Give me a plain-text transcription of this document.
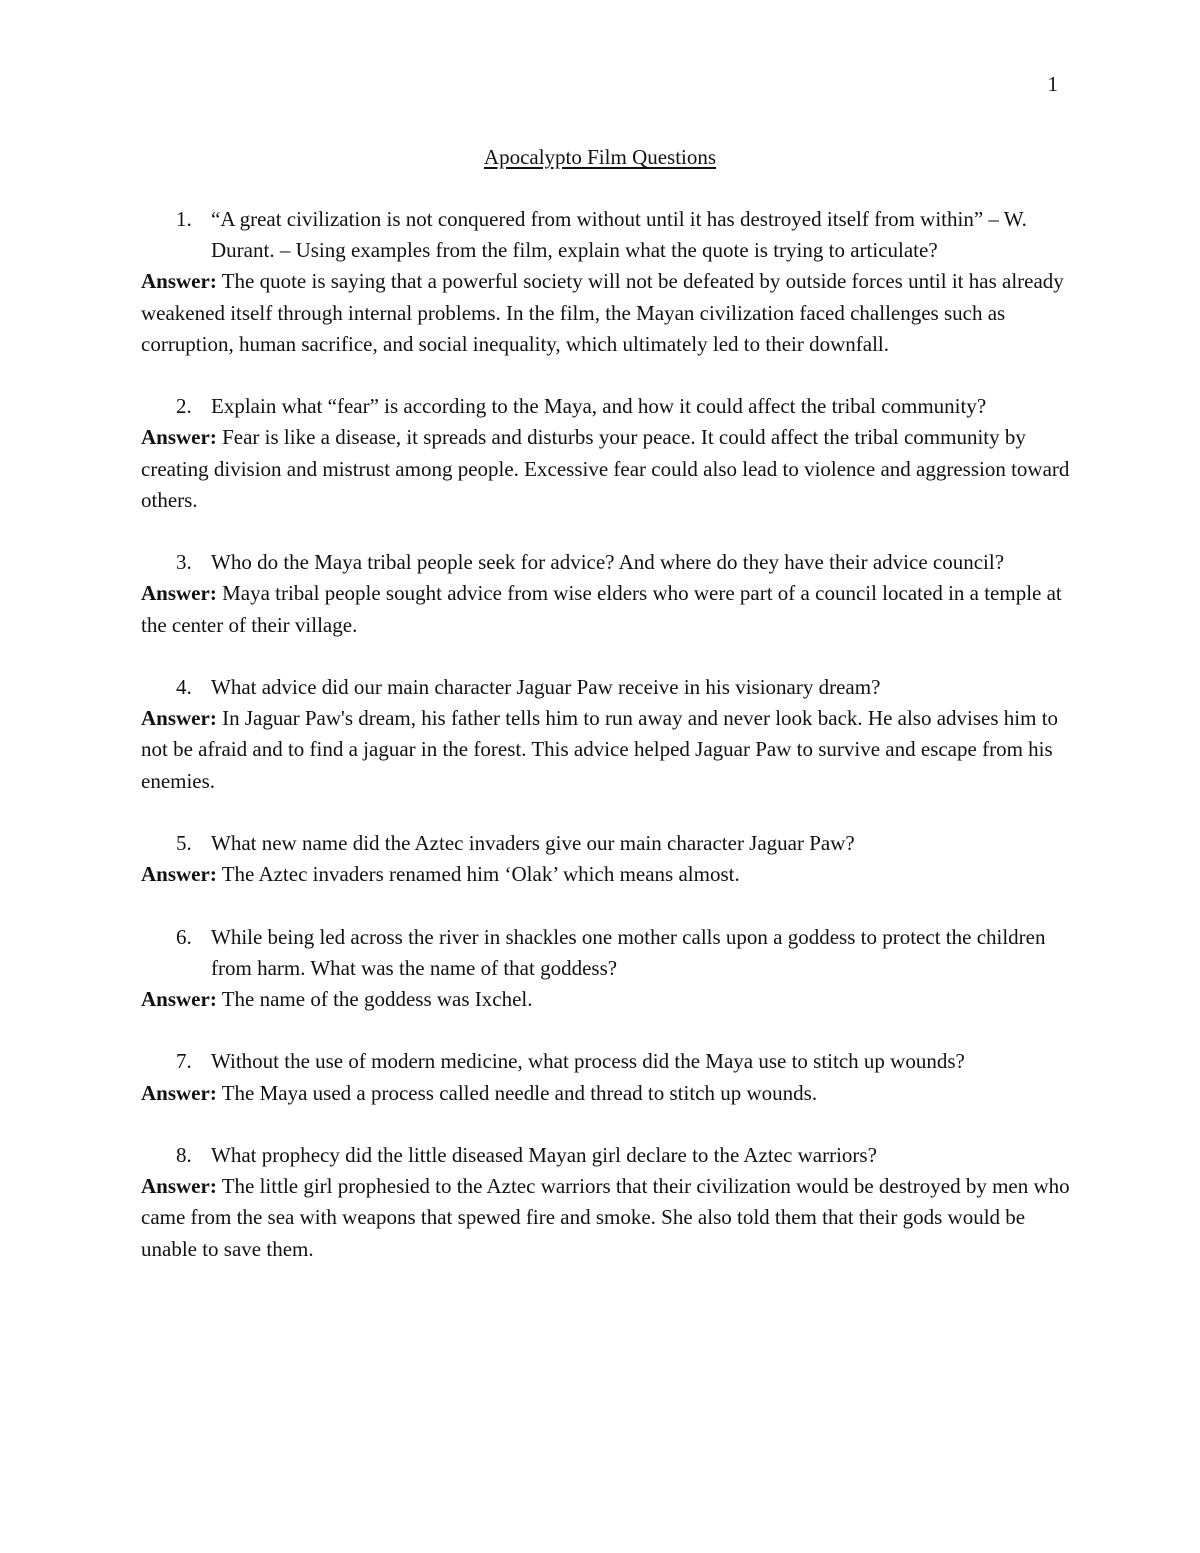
1
Apocalypto Film Questions
1. “A great civilization is not conquered from without until it has destroyed itself from within” – W. Durant. – Using examples from the film, explain what the quote is trying to articulate?

Answer: The quote is saying that a powerful society will not be defeated by outside forces until it has already weakened itself through internal problems. In the film, the Mayan civilization faced challenges such as corruption, human sacrifice, and social inequality, which ultimately led to their downfall.

2. Explain what “fear” is according to the Maya, and how it could affect the tribal community?

Answer: Fear is like a disease, it spreads and disturbs your peace. It could affect the tribal community by creating division and mistrust among people. Excessive fear could also lead to violence and aggression toward others.

3. Who do the Maya tribal people seek for advice? And where do they have their advice council?

Answer: Maya tribal people sought advice from wise elders who were part of a council located in a temple at the center of their village.

4. What advice did our main character Jaguar Paw receive in his visionary dream?

Answer: In Jaguar Paw's dream, his father tells him to run away and never look back. He also advises him to not be afraid and to find a jaguar in the forest. This advice helped Jaguar Paw to survive and escape from his enemies.

5. What new name did the Aztec invaders give our main character Jaguar Paw?

Answer: The Aztec invaders renamed him ‘Olak’ which means almost.

6. While being led across the river in shackles one mother calls upon a goddess to protect the children from harm. What was the name of that goddess?

Answer: The name of the goddess was Ixchel.

7. Without the use of modern medicine, what process did the Maya use to stitch up wounds?

Answer: The Maya used a process called needle and thread to stitch up wounds.

8. What prophecy did the little diseased Mayan girl declare to the Aztec warriors?

Answer: The little girl prophesied to the Aztec warriors that their civilization would be destroyed by men who came from the sea with weapons that spewed fire and smoke. She also told them that their gods would be unable to save them.
